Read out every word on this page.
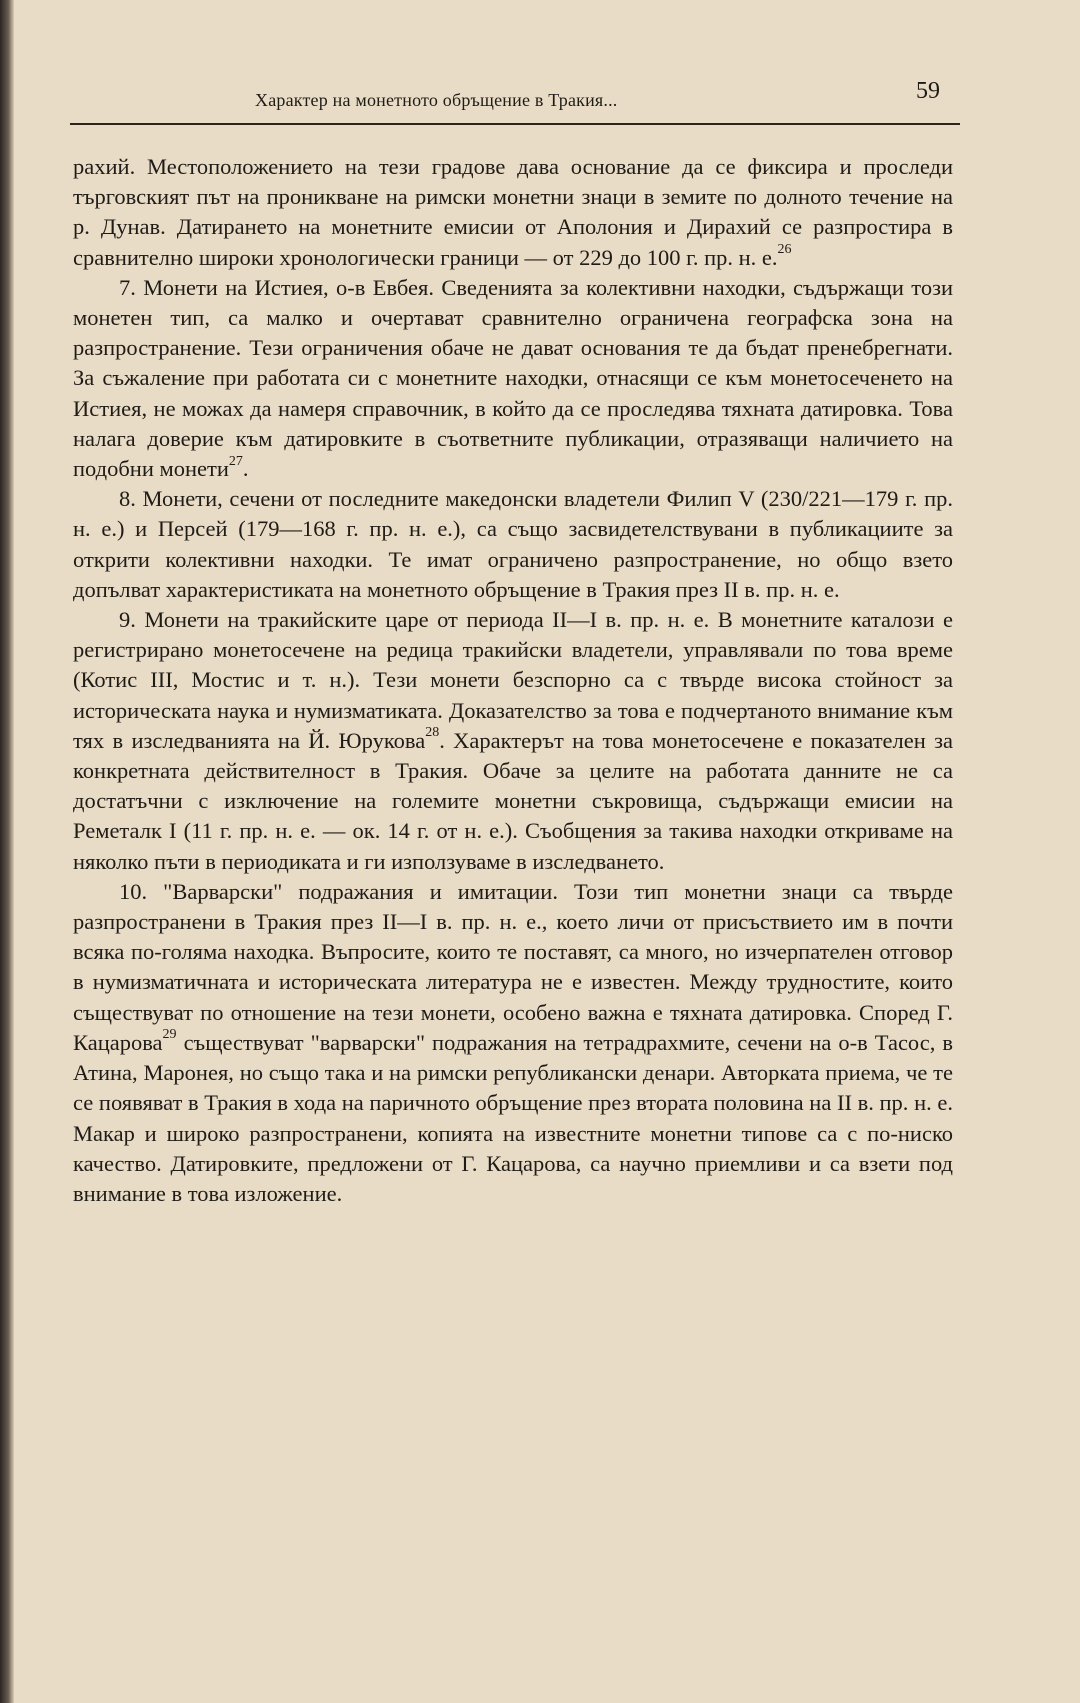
Характер на монетното обръщение в Тракия...	59

рахий. Местоположението на тези градове дава основание да се фиксира и проследи търговският път на проникване на римски монетни знаци в земите по долното течение на р. Дунав. Датирането на монетните емисии от Аполония и Дирахий се разпростира в сравнително широки хронологически граници — от 229 до 100 г. пр. н. е.$^{26}$

7. Монети на Истиея, о-в Евбея. Сведенията за колективни находки, съдържащи този монетен тип, са малко и очертават сравнително ограничена географска зона на разпространение. Тези ограничения обаче не дават основания те да бъдат пренебрегнати. За съжаление при работата си с монетните находки, отнасящи се към монетосеченето на Истиея, не можах да намеря справочник, в който да се проследява тяхната датировка. Това налага доверие към датировките в съответните публикации, отразяващи наличието на подобни монети$^{27}$.

8. Монети, сечени от последните македонски владетели Филип V (230/221—179 г. пр. н. е.) и Персей (179—168 г. пр. н. е.), са също засвидетелствувани в публикациите за открити колективни находки. Те имат ограничено разпространение, но общо взето допълват характеристиката на монетното обръщение в Тракия през II в. пр. н. е.

9. Монети на тракийските царе от периода II—I в. пр. н. е. В монетните каталози е регистрирано монетосечене на редица тракийски владетели, управлявали по това време (Котис III, Мостис и т. н.). Тези монети безспорно са с твърде висока стойност за историческата наука и нумизматиката. Доказателство за това е подчертаното внимание към тях в изследванията на Й. Юрукова$^{28}$. Характерът на това монетосечене е показателен за конкретната действителност в Тракия. Обаче за целите на работата данните не са достатъчни с изключение на големите монетни съкровища, съдържащи емисии на Реметалк I (11 г. пр. н. е. — ок. 14 г. от н. е.). Съобщения за такива находки откриваме на няколко пъти в периодиката и ги използуваме в изследването.

10. "Варварски" подражания и имитации. Този тип монетни знаци са твърде разпространени в Тракия през II—I в. пр. н. е., което личи от присъствието им в почти всяка по-голяма находка. Въпросите, които те поставят, са много, но изчерпателен отговор в нумизматичната и историческата литература не е известен. Между трудностите, които съществуват по отношение на тези монети, особено важна е тяхната датировка. Според Г. Кацарова$^{29}$ съществуват "варварски" подражания на тетрадрахмите, сечени на о-в Тасос, в Атина, Маронея, но също така и на римски републикански денари. Авторката приема, че те се появяват в Тракия в хода на паричното обръщение през втората половина на II в. пр. н. е. Макар и широко разпространени, копията на известните монетни типове са с по-ниско качество. Датировките, предложени от Г. Кацарова, са научно приемливи и са взети под внимание в това изложение.
